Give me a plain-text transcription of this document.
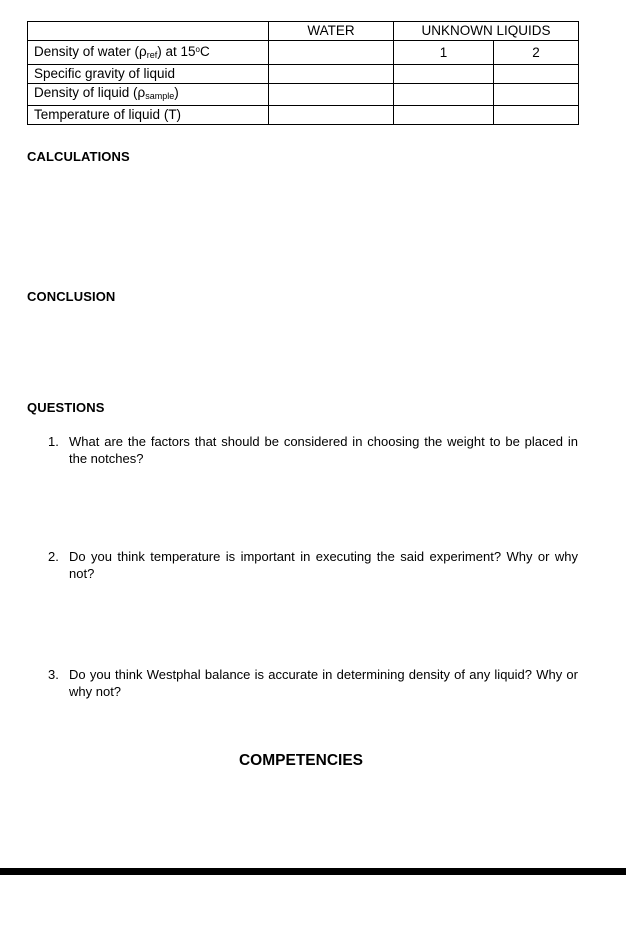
	WATER	UNKNOWN LIQUIDS	
Density of water $(\rho_{ref})$ at 15$^o$C		1	2
Specific gravity of liquid			
Density of liquid $(\rho_{sample})$			
Temperature of liquid (T)			
CALCULATIONS
CONCLUSION
QUESTIONS
1. What are the factors that should be considered in choosing the weight to be placed in the notches?
2. Do you think temperature is important in executing the said experiment? Why or why not?
3. Do you think Westphal balance is accurate in determining density of any liquid? Why or why not?
COMPETENCIES
